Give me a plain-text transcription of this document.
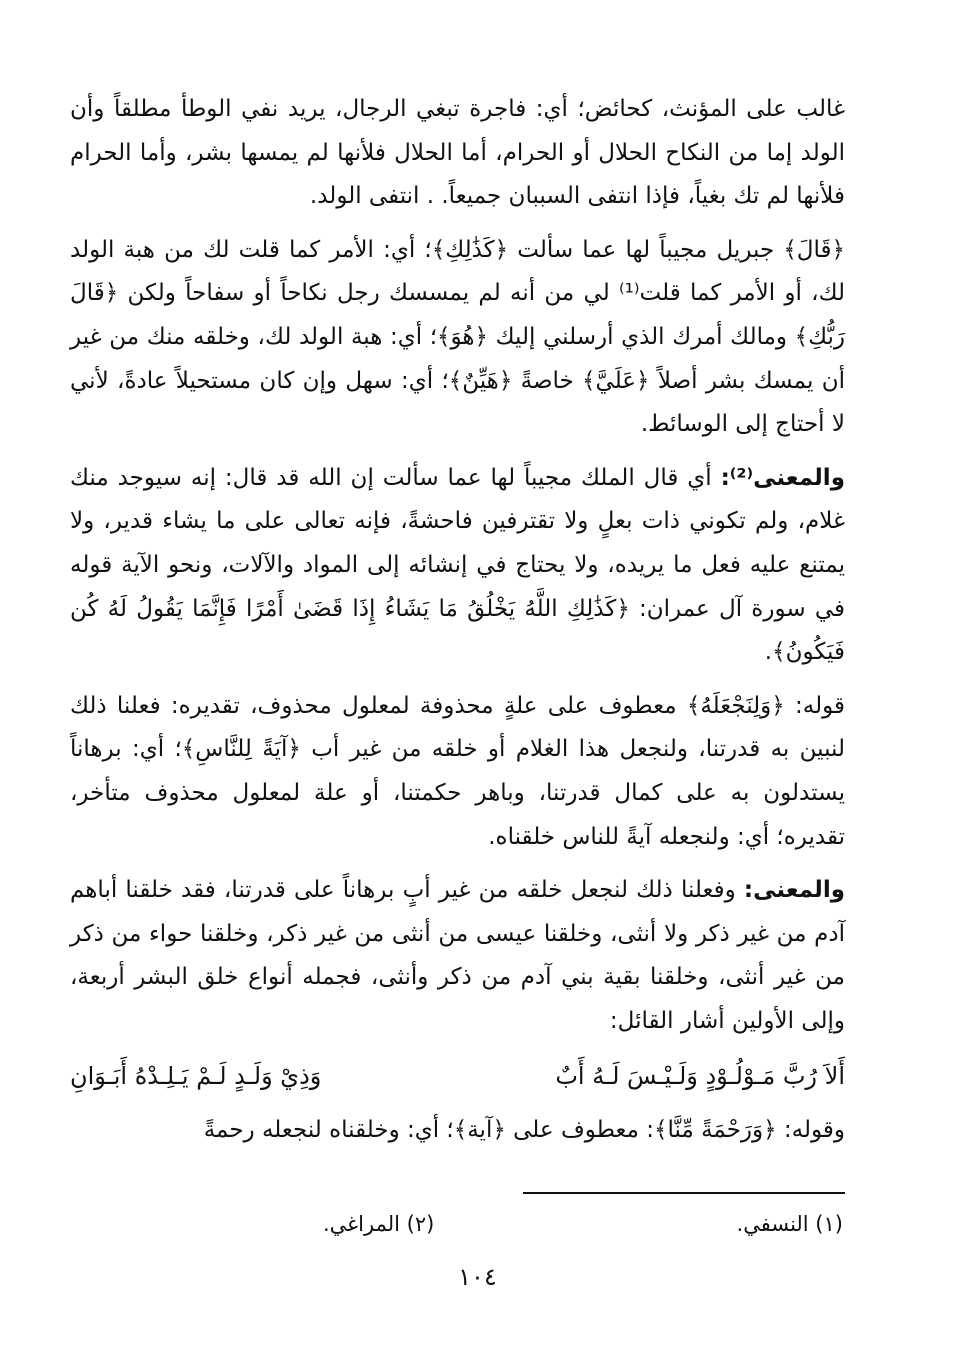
غالب على المؤنث، كحائض؛ أي: فاجرة تبغي الرجال، يريد نفي الوطأ مطلقاً وأن الولد إما من النكاح الحلال أو الحرام، أما الحلال فلأنها لم يمسها بشر، وأما الحرام فلأنها لم تك بغياً، فإذا انتفى السببان جميعاً. . انتفى الولد.

﴿قَالَ﴾ جبريل مجيباً لها عما سألت ﴿كَذَٰلِكِ﴾؛ أي: الأمر كما قلت لك من هبة الولد لك، أو الأمر كما قلت⁽¹⁾ لي من أنه لم يمسسك رجل نكاحاً أو سفاحاً ولكن ﴿قَالَ رَبُّكِ﴾ ومالك أمرك الذي أرسلني إليك ﴿هُوَ﴾؛ أي: هبة الولد لك، وخلقه منك من غير أن يمسك بشر أصلاً ﴿عَلَيَّ﴾ خاصةً ﴿هَيِّنٌ﴾؛ أي: سهل وإن كان مستحيلاً عادةً، لأني لا أحتاج إلى الوسائط.

والمعنى⁽²⁾: أي قال الملك مجيباً لها عما سألت إن الله قد قال: إنه سيوجد منك غلام، ولم تكوني ذات بعلٍ ولا تقترفين فاحشةً، فإنه تعالى على ما يشاء قدير، ولا يمتنع عليه فعل ما يريده، ولا يحتاج في إنشائه إلى المواد والآلات، ونحو الآية قوله في سورة آل عمران: ﴿كَذَٰلِكِ اللَّهُ يَخْلُقُ مَا يَشَاءُ إِذَا قَضَىٰ أَمْرًا فَإِنَّمَا يَقُولُ لَهُ كُن فَيَكُونُ﴾.

قوله: ﴿وَلِنَجْعَلَهُ﴾ معطوف على علةٍ محذوفة لمعلول محذوف، تقديره: فعلنا ذلك لنبين به قدرتنا، ولنجعل هذا الغلام أو خلقه من غير أب ﴿آيَةً لِلنَّاسِ﴾؛ أي: برهاناً يستدلون به على كمال قدرتنا، وباهر حكمتنا، أو علة لمعلول محذوف متأخر، تقديره؛ أي: ولنجعله آيةً للناس خلقناه.

والمعنى: وفعلنا ذلك لنجعل خلقه من غير أبٍ برهاناً على قدرتنا، فقد خلقنا أباهم آدم من غير ذكر ولا أنثى، وخلقنا عيسى من أنثى من غير ذكر، وخلقنا حواء من ذكر من غير أنثى، وخلقنا بقية بني آدم من ذكر وأنثى، فجمله أنواع خلق البشر أربعة، وإلى الأولين أشار القائل:

أَلاَ رُبَّ مَـوْلُـوْدٍ وَلَـيْـسَ لَـهُ أَبٌ
وَذِيْ وَلَـدٍ لَـمْ يَـلِـدْهُ أَبَـوَانِ

وقوله: ﴿وَرَحْمَةً مِّنَّا﴾: معطوف على ﴿آية﴾؛ أي: وخلقناه لنجعله رحمةً

(١) النسفي.
(٢) المراغي.
١٠٤
